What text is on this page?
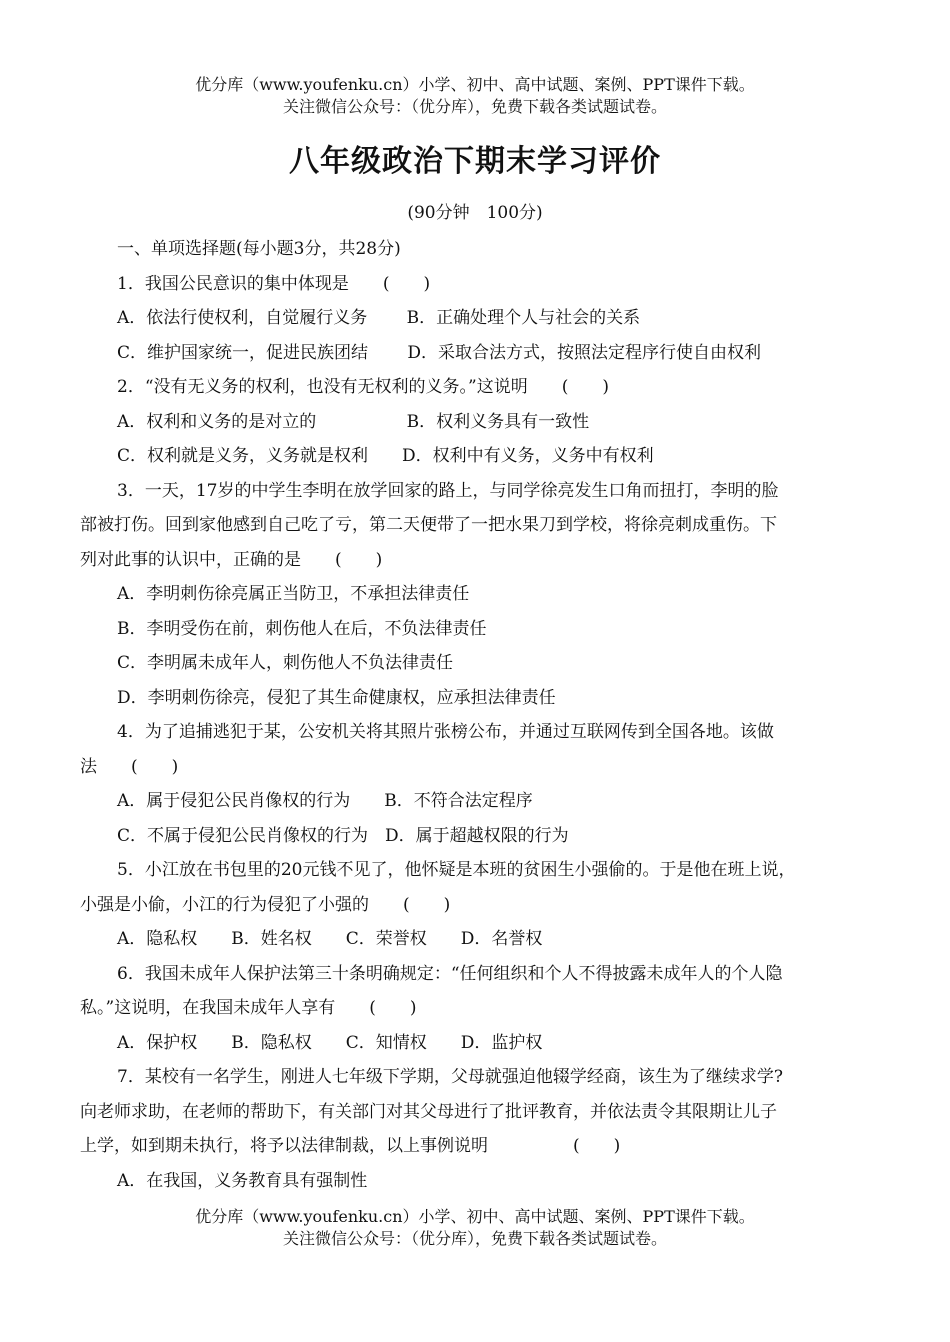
优分库（www.youfenku.cn）小学、初中、高中试题、案例、PPT课件下载。
关注微信公众号：（优分库），免费下载各类试题试卷。
八年级政治下期末学习评价
(90分钟　100分)
一、单项选择题(每小题3分，共28分)
1．我国公民意识的集中体现是　　(　　)
A．依法行使权利，自觉履行义务　　 B．正确处理个人与社会的关系
C．维护国家统一，促进民族团结　　 D．采取合法方式，按照法定程序行使自由权利
2．“没有无义务的权利，也没有无权利的义务。”这说明　　(　　)
A．权利和义务的是对立的　　　　　 B．权利义务具有一致性
C．权利就是义务，义务就是权利　　D．权利中有义务，义务中有权利
3．一天，17岁的中学生李明在放学回家的路上，与同学徐亮发生口角而扭打，李明的脸
部被打伤。回到家他感到自己吃了亏，第二天便带了一把水果刀到学校，将徐亮刺成重伤。下
列对此事的认识中，正确的是　　(　　)
A．李明刺伤徐亮属正当防卫，不承担法律责任
B．李明受伤在前，刺伤他人在后，不负法律责任
C．李明属未成年人，刺伤他人不负法律责任
D．李明刺伤徐亮，侵犯了其生命健康权，应承担法律责任
4．为了追捕逃犯于某，公安机关将其照片张榜公布，并通过互联网传到全国各地。该做
法　　(　　)
A．属于侵犯公民肖像权的行为　　B．不符合法定程序
C．不属于侵犯公民肖像权的行为　D．属于超越权限的行为
5．小江放在书包里的20元钱不见了，他怀疑是本班的贫困生小强偷的。于是他在班上说，
小强是小偷，小江的行为侵犯了小强的　　(　　)
A．隐私权　　B．姓名权　　C．荣誉权　　D．名誉权
6．我国未成年人保护法第三十条明确规定：“任何组织和个人不得披露未成年人的个人隐
私。”这说明，在我国未成年人享有　　(　　)
A．保护权　　B．隐私权　　C．知情权　　D．监护权
7．某校有一名学生，刚进人七年级下学期，父母就强迫他辍学经商，该生为了继续求学?
向老师求助，在老师的帮助下，有关部门对其父母进行了批评教育，并依法责令其限期让儿子
上学，如到期未执行，将予以法律制裁，以上事例说明　　　　　(　　)
A．在我国，义务教育具有强制性
优分库（www.youfenku.cn）小学、初中、高中试题、案例、PPT课件下载。
关注微信公众号：（优分库），免费下载各类试题试卷。
